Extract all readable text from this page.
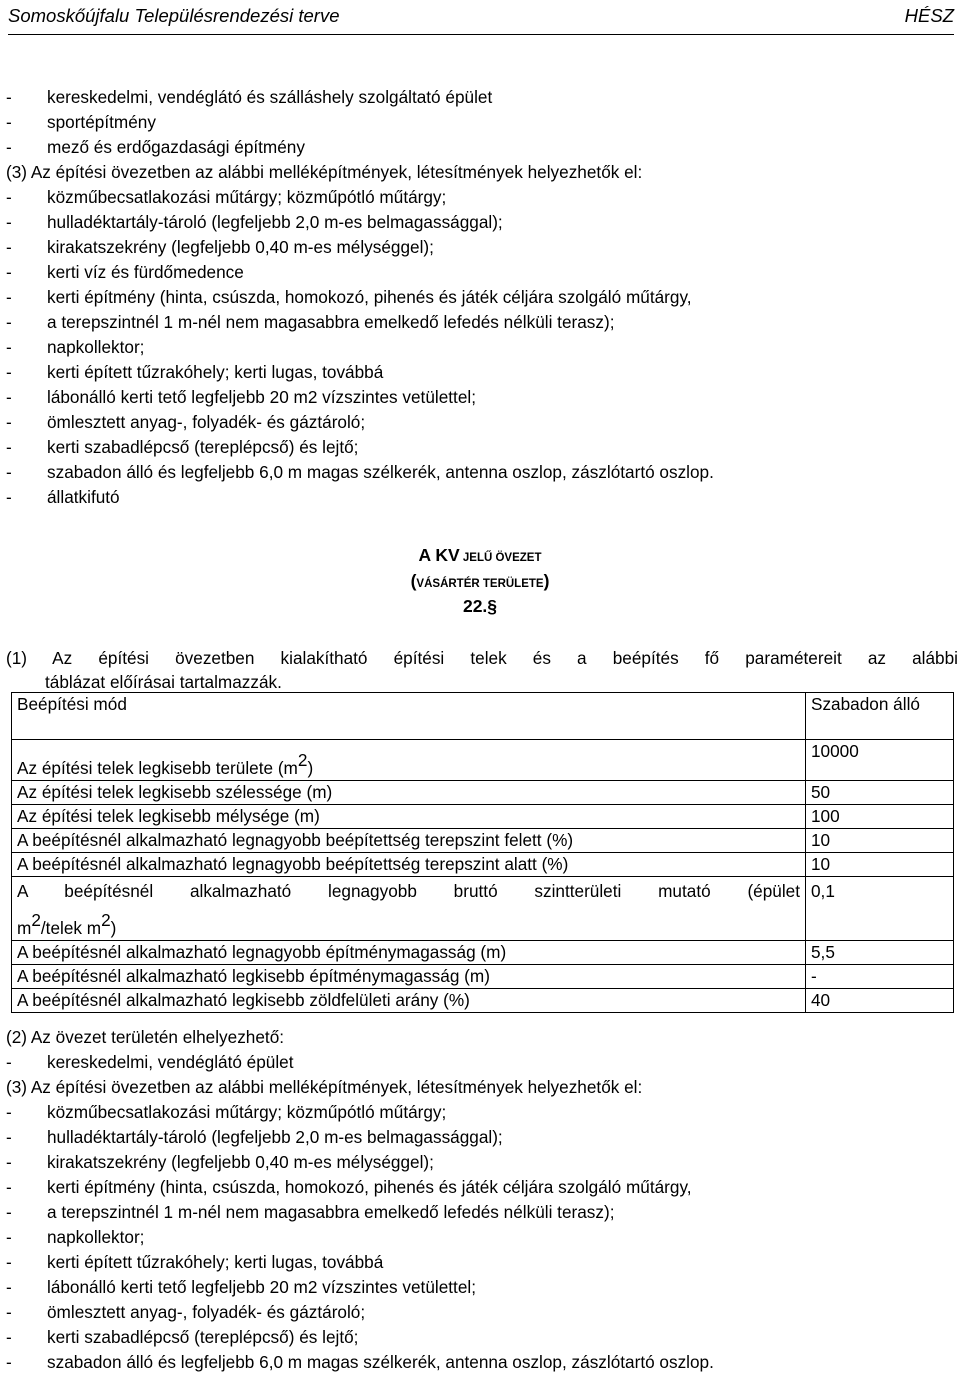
Somoskőújfalu Településrendezési terve	HÉSZ
- kereskedelmi, vendéglátó és szálláshely szolgáltató épület
- sportépítmény
- mező és erdőgazdasági építmény
(3) Az építési övezetben az alábbi melléképítmények, létesítmények helyezhetők el:
- közműbecsatlakozási műtárgy; közműpótló műtárgy;
- hulladéktartály-tároló (legfeljebb 2,0 m-es belmagassággal);
- kirakatszekrény (legfeljebb 0,40 m-es mélységgel);
- kerti víz és fürdőmedence
- kerti építmény (hinta, csúszda, homokozó, pihenés és játék céljára szolgáló műtárgy,
- a terepszintnél 1 m-nél nem magasabbra emelkedő lefedés nélküli terasz);
- napkollektor;
- kerti épített tűzrakóhely; kerti lugas, továbbá
- lábonálló kerti tető legfeljebb 20 m2 vízszintes vetülettel;
- ömlesztett anyag-, folyadék- és gáztároló;
- kerti szabadlépcső (tereplépcső) és lejtő;
- szabadon álló és legfeljebb 6,0 m magas szélkerék, antenna oszlop, zászlótartó oszlop.
- állatkifutó
A KV JELŰ ÖVEZET
(VÁSÁRTÉR TERÜLETE)
22.§
(1) Az építési övezetben kialakítható építési telek és a beépítés fő paramétereit az alábbi
táblázat előírásai tartalmazzák.
Beépítési mód	Szabadon álló
Az építési telek legkisebb területe $(m^2)$	10000
Az építési telek legkisebb szélessége (m)	50
Az építési telek legkisebb mélysége (m)	100
A beépítésnél alkalmazható legnagyobb beépítettség terepszint felett (%)	10
A beépítésnél alkalmazható legnagyobb beépítettség terepszint alatt (%)	10

A beépítésnél alkalmazható legnagyobb bruttó szintterületi mutató (épület
$m^2$/telek $m^2$)	0,1
A beépítésnél alkalmazható legnagyobb építménymagasság (m)	5,5
A beépítésnél alkalmazható legkisebb építménymagasság (m)	-
A beépítésnél alkalmazható legkisebb zöldfelületi arány (%)	40
(2) Az övezet területén elhelyezhető:
- kereskedelmi, vendéglátó épület
(3) Az építési övezetben az alábbi melléképítmények, létesítmények helyezhetők el:
- közműbecsatlakozási műtárgy; közműpótló műtárgy;
- hulladéktartály-tároló (legfeljebb 2,0 m-es belmagassággal);
- kirakatszekrény (legfeljebb 0,40 m-es mélységgel);
- kerti építmény (hinta, csúszda, homokozó, pihenés és játék céljára szolgáló műtárgy,
- a terepszintnél 1 m-nél nem magasabbra emelkedő lefedés nélküli terasz);
- napkollektor;
- kerti épített tűzrakóhely; kerti lugas, továbbá
- lábonálló kerti tető legfeljebb 20 m2 vízszintes vetülettel;
- ömlesztett anyag-, folyadék- és gáztároló;
- kerti szabadlépcső (tereplépcső) és lejtő;
- szabadon álló és legfeljebb 6,0 m magas szélkerék, antenna oszlop, zászlótartó oszlop.
